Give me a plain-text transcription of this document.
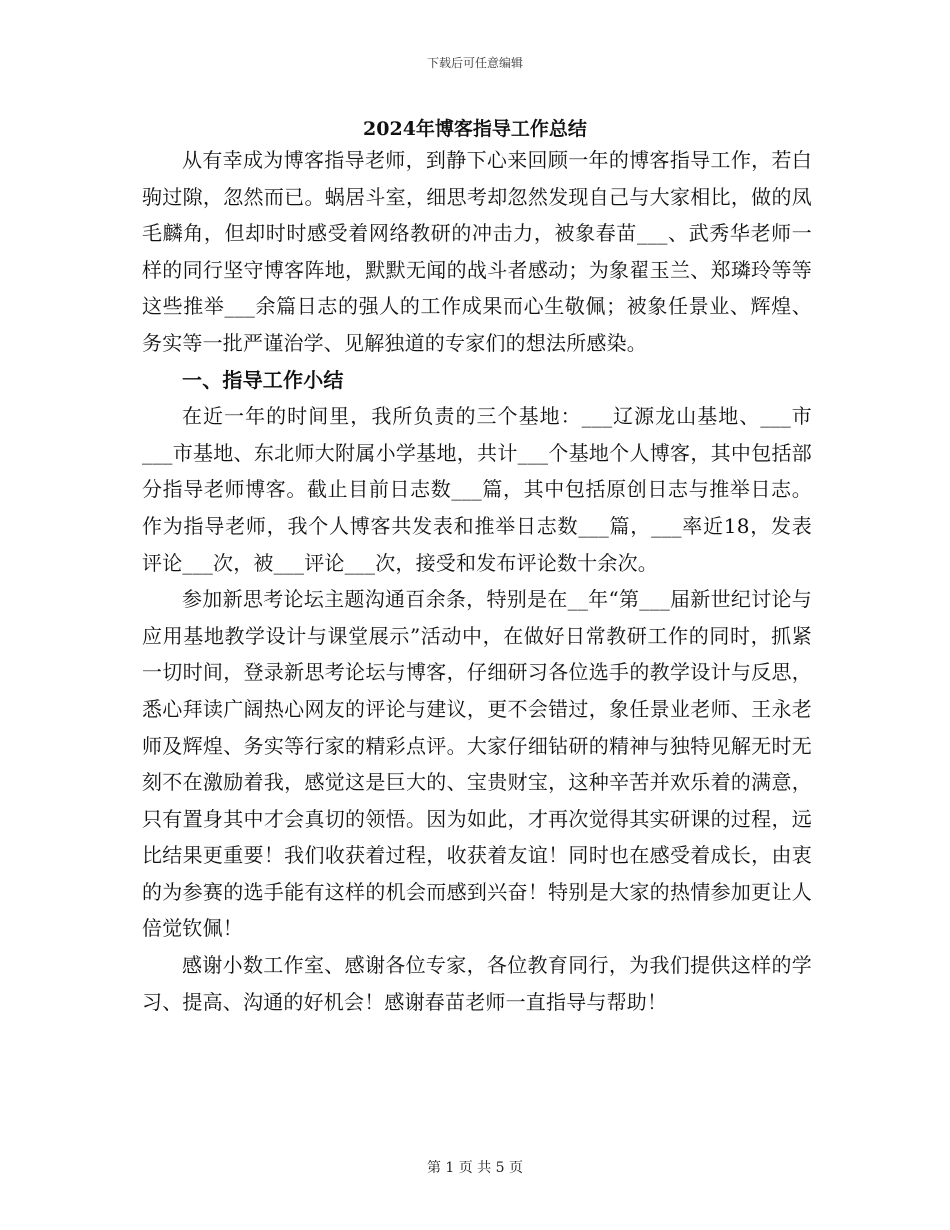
下载后可任意编辑
2024年博客指导工作总结

从有幸成为博客指导老师，到静下心来回顾一年的博客指导工作，若白驹过隙，忽然而已。蜗居斗室，细思考却忽然发现自己与大家相比，做的凤毛麟角，但却时时感受着网络教研的冲击力，被象春苗___、武秀华老师一样的同行坚守博客阵地，默默无闻的战斗者感动；为象翟玉兰、郑璘玲等等这些推举___余篇日志的强人的工作成果而心生敬佩；被象任景业、辉煌、务实等一批严谨治学、见解独道的专家们的想法所感染。

一、指导工作小结

在近一年的时间里，我所负责的三个基地：___辽源龙山基地、___市___市基地、东北师大附属小学基地，共计___个基地个人博客，其中包括部分指导老师博客。截止目前日志数___篇，其中包括原创日志与推举日志。作为指导老师，我个人博客共发表和推举日志数___篇，___率近18，发表评论___次，被___评论___次，接受和发布评论数十余次。

参加新思考论坛主题沟通百余条，特别是在__年“第___届新世纪讨论与应用基地教学设计与课堂展示”活动中，在做好日常教研工作的同时，抓紧一切时间，登录新思考论坛与博客，仔细研习各位选手的教学设计与反思，悉心拜读广阔热心网友的评论与建议，更不会错过，象任景业老师、王永老师及辉煌、务实等行家的精彩点评。大家仔细钻研的精神与独特见解无时无刻不在激励着我，感觉这是巨大的、宝贵财宝，这种辛苦并欢乐着的满意，只有置身其中才会真切的领悟。因为如此，才再次觉得其实研课的过程，远比结果更重要！我们收获着过程，收获着友谊！同时也在感受着成长，由衷的为参赛的选手能有这样的机会而感到兴奋！特别是大家的热情参加更让人倍觉钦佩！

感谢小数工作室、感谢各位专家，各位教育同行，为我们提供这样的学习、提高、沟通的好机会！感谢春苗老师一直指导与帮助！

第 1 页 共 5 页
